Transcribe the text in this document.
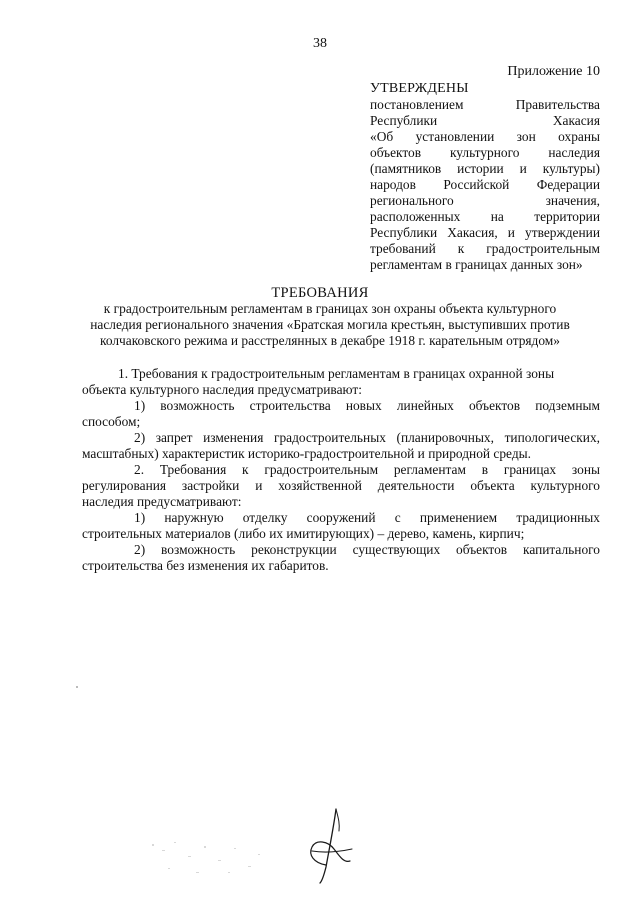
38
Приложение 10
УТВЕРЖДЕНЫ
постановлением Правительства
Республики Хакасия
«Об установлении зон охраны
объектов культурного наследия
(памятников истории и культуры)
народов Российской Федерации
регионального значения,
расположенных на территории
Республики Хакасия, и утверждении
требований к градостроительным
регламентам в границах данных зон»
ТРЕБОВАНИЯ
к градостроительным регламентам в границах зон охраны объекта культурного
наследия регионального значения «Братская могила крестьян, выступивших против
колчаковского режима и расстрелянных в декабре 1918 г. карательным отрядом»
1. Требования к градостроительным регламентам в границах охранной зоны
объекта культурного наследия предусматривают:
1) возможность строительства новых линейных объектов подземным
способом;
2) запрет изменения градостроительных (планировочных, типологических,
масштабных) характеристик историко-градостроительной и природной среды.
2. Требования к градостроительным регламентам в границах зоны
регулирования застройки и хозяйственной деятельности объекта культурного
наследия предусматривают:
1) наружную отделку сооружений с применением традиционных
строительных материалов (либо их имитирующих) – дерево, камень, кирпич;
2) возможность реконструкции существующих объектов капитального
строительства без изменения их габаритов.
